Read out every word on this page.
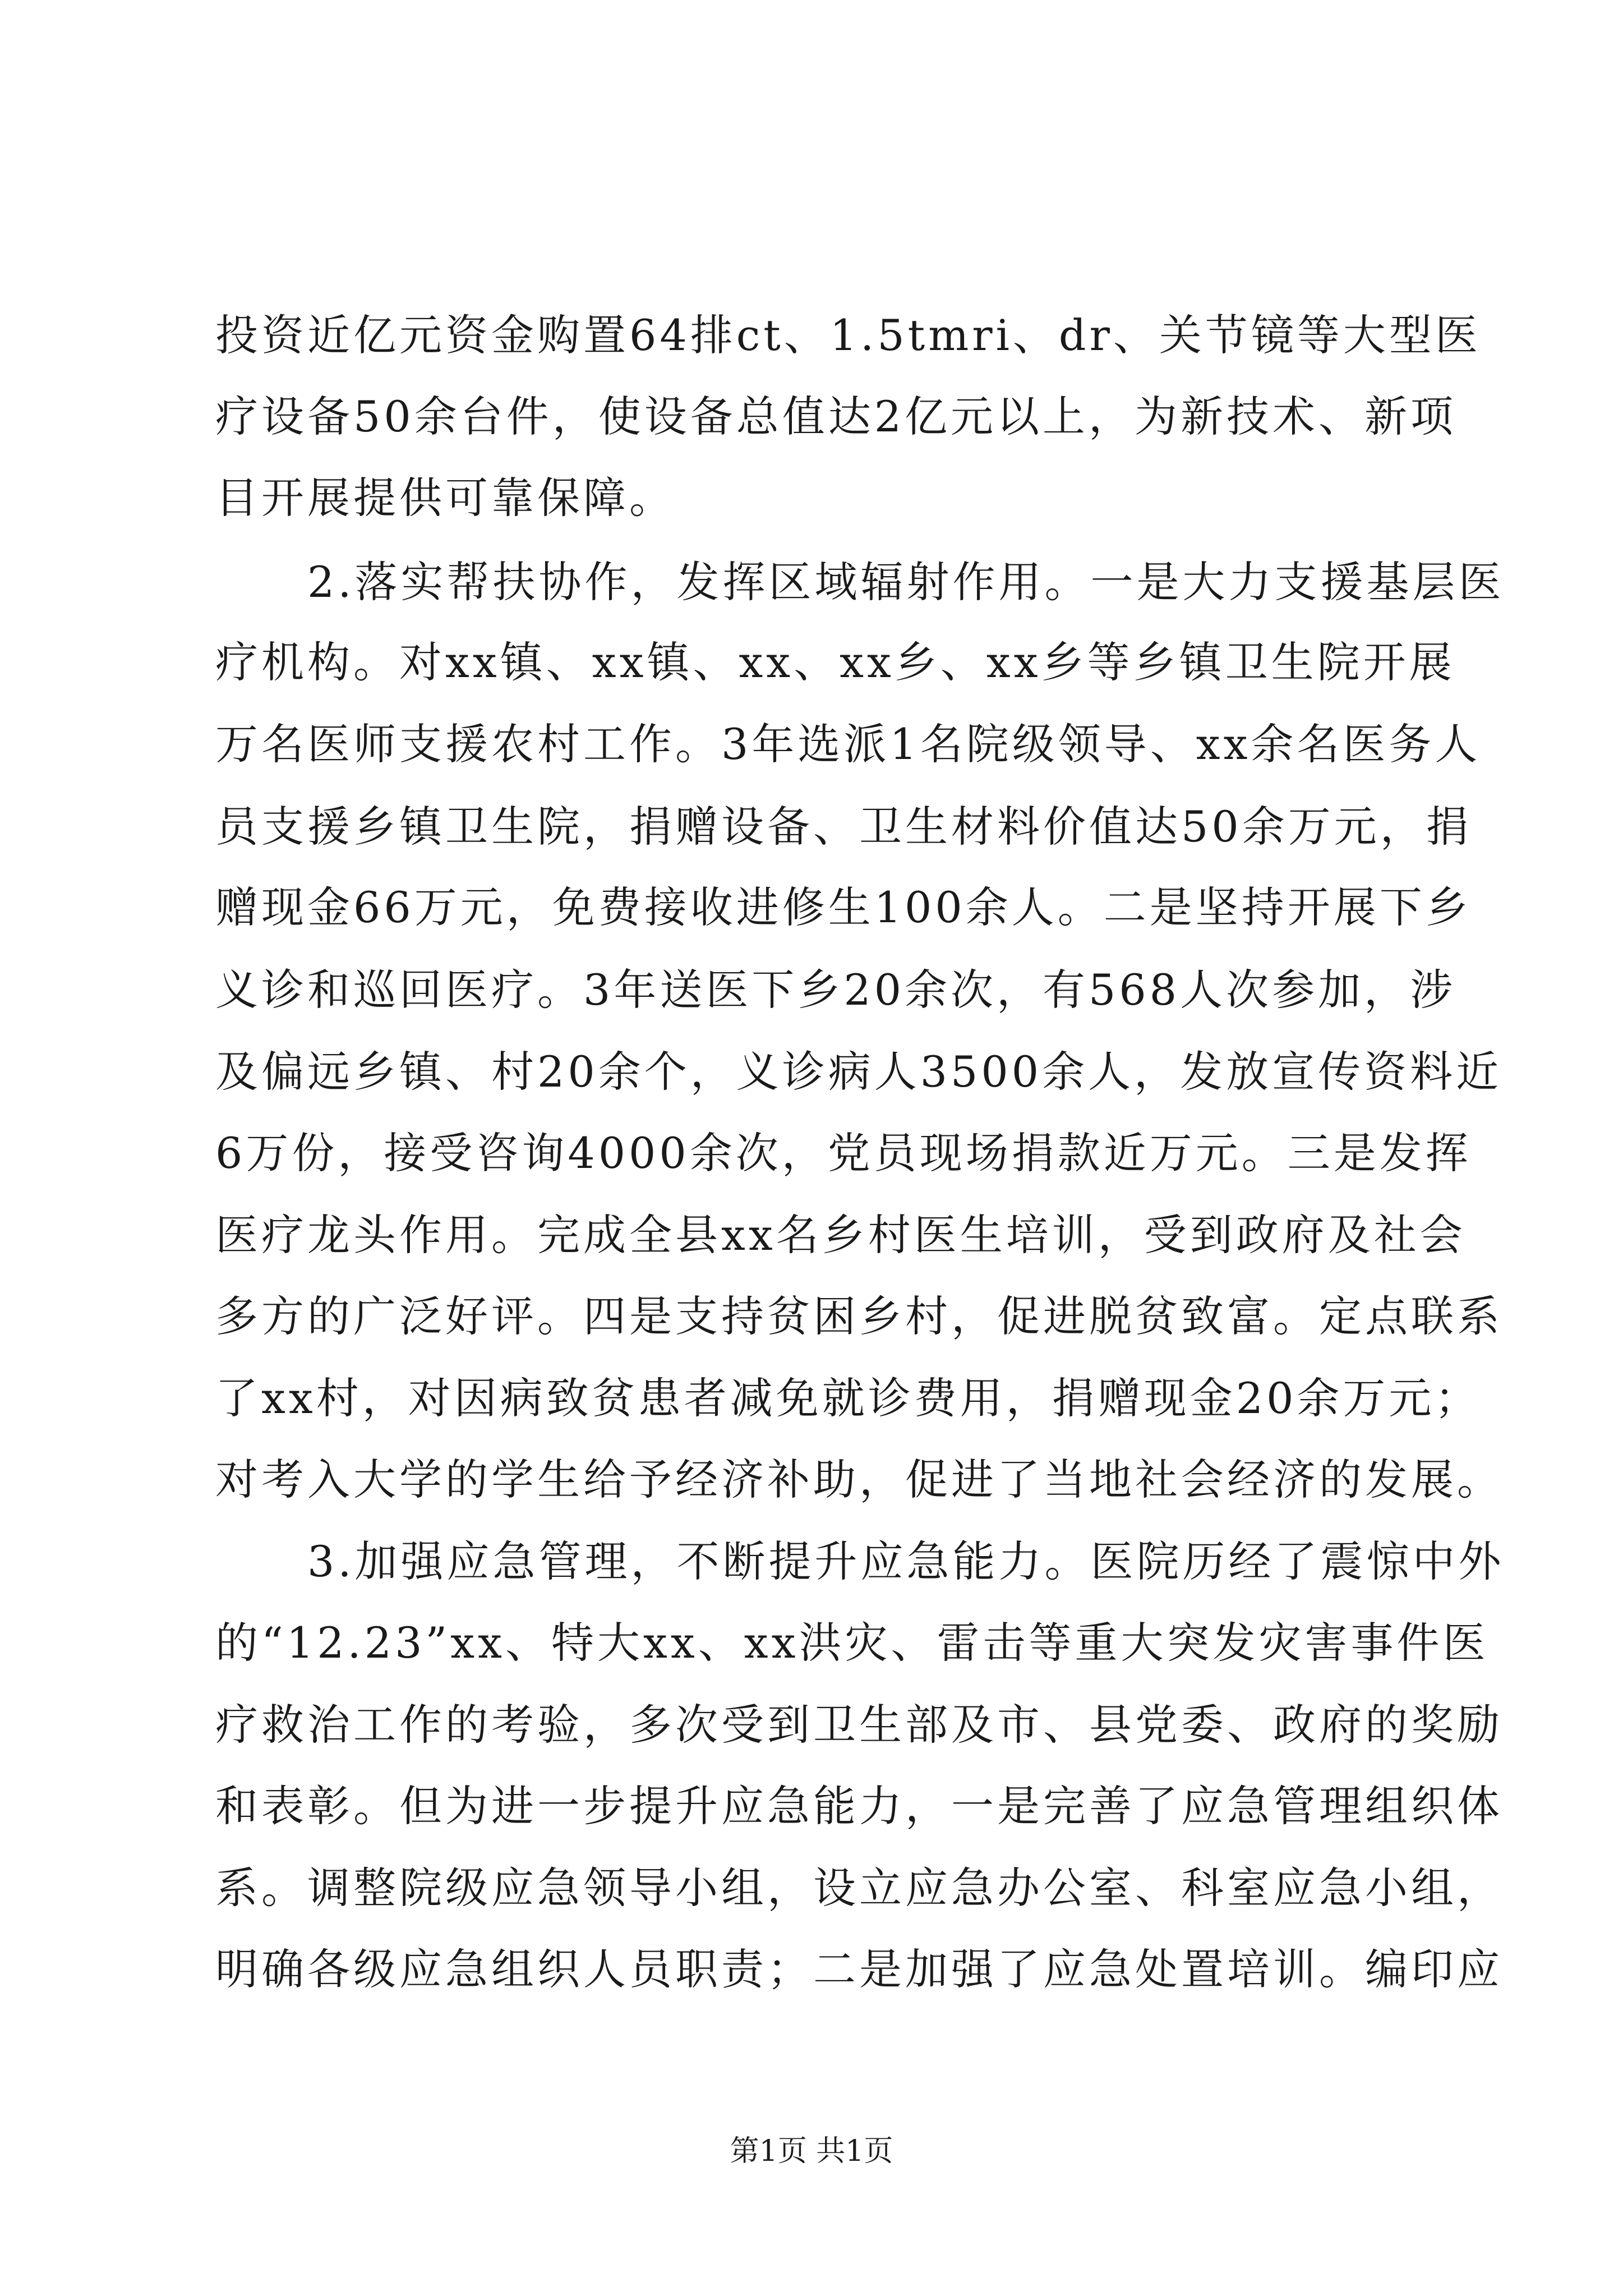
投资近亿元资金购置64排ct、1.5tmri、dr、关节镜等大型医
疗设备50余台件，使设备总值达2亿元以上，为新技术、新项
目开展提供可靠保障。
　　2.落实帮扶协作，发挥区域辐射作用。一是大力支援基层医
疗机构。对xx镇、xx镇、xx、xx乡、xx乡等乡镇卫生院开展
万名医师支援农村工作。3年选派1名院级领导、xx余名医务人
员支援乡镇卫生院，捐赠设备、卫生材料价值达50余万元，捐
赠现金66万元，免费接收进修生100余人。二是坚持开展下乡
义诊和巡回医疗。3年送医下乡20余次，有568人次参加，涉
及偏远乡镇、村20余个，义诊病人3500余人，发放宣传资料近
6万份，接受咨询4000余次，党员现场捐款近万元。三是发挥
医疗龙头作用。完成全县xx名乡村医生培训，受到政府及社会
多方的广泛好评。四是支持贫困乡村，促进脱贫致富。定点联系
了xx村，对因病致贫患者减免就诊费用，捐赠现金20余万元；
对考入大学的学生给予经济补助，促进了当地社会经济的发展。
　　3.加强应急管理，不断提升应急能力。医院历经了震惊中外
的“12.23”xx、特大xx、xx洪灾、雷击等重大突发灾害事件医
疗救治工作的考验，多次受到卫生部及市、县党委、政府的奖励
和表彰。但为进一步提升应急能力，一是完善了应急管理组织体
系。调整院级应急领导小组，设立应急办公室、科室应急小组，
明确各级应急组织人员职责；二是加强了应急处置培训。编印应
第1页 共1页
